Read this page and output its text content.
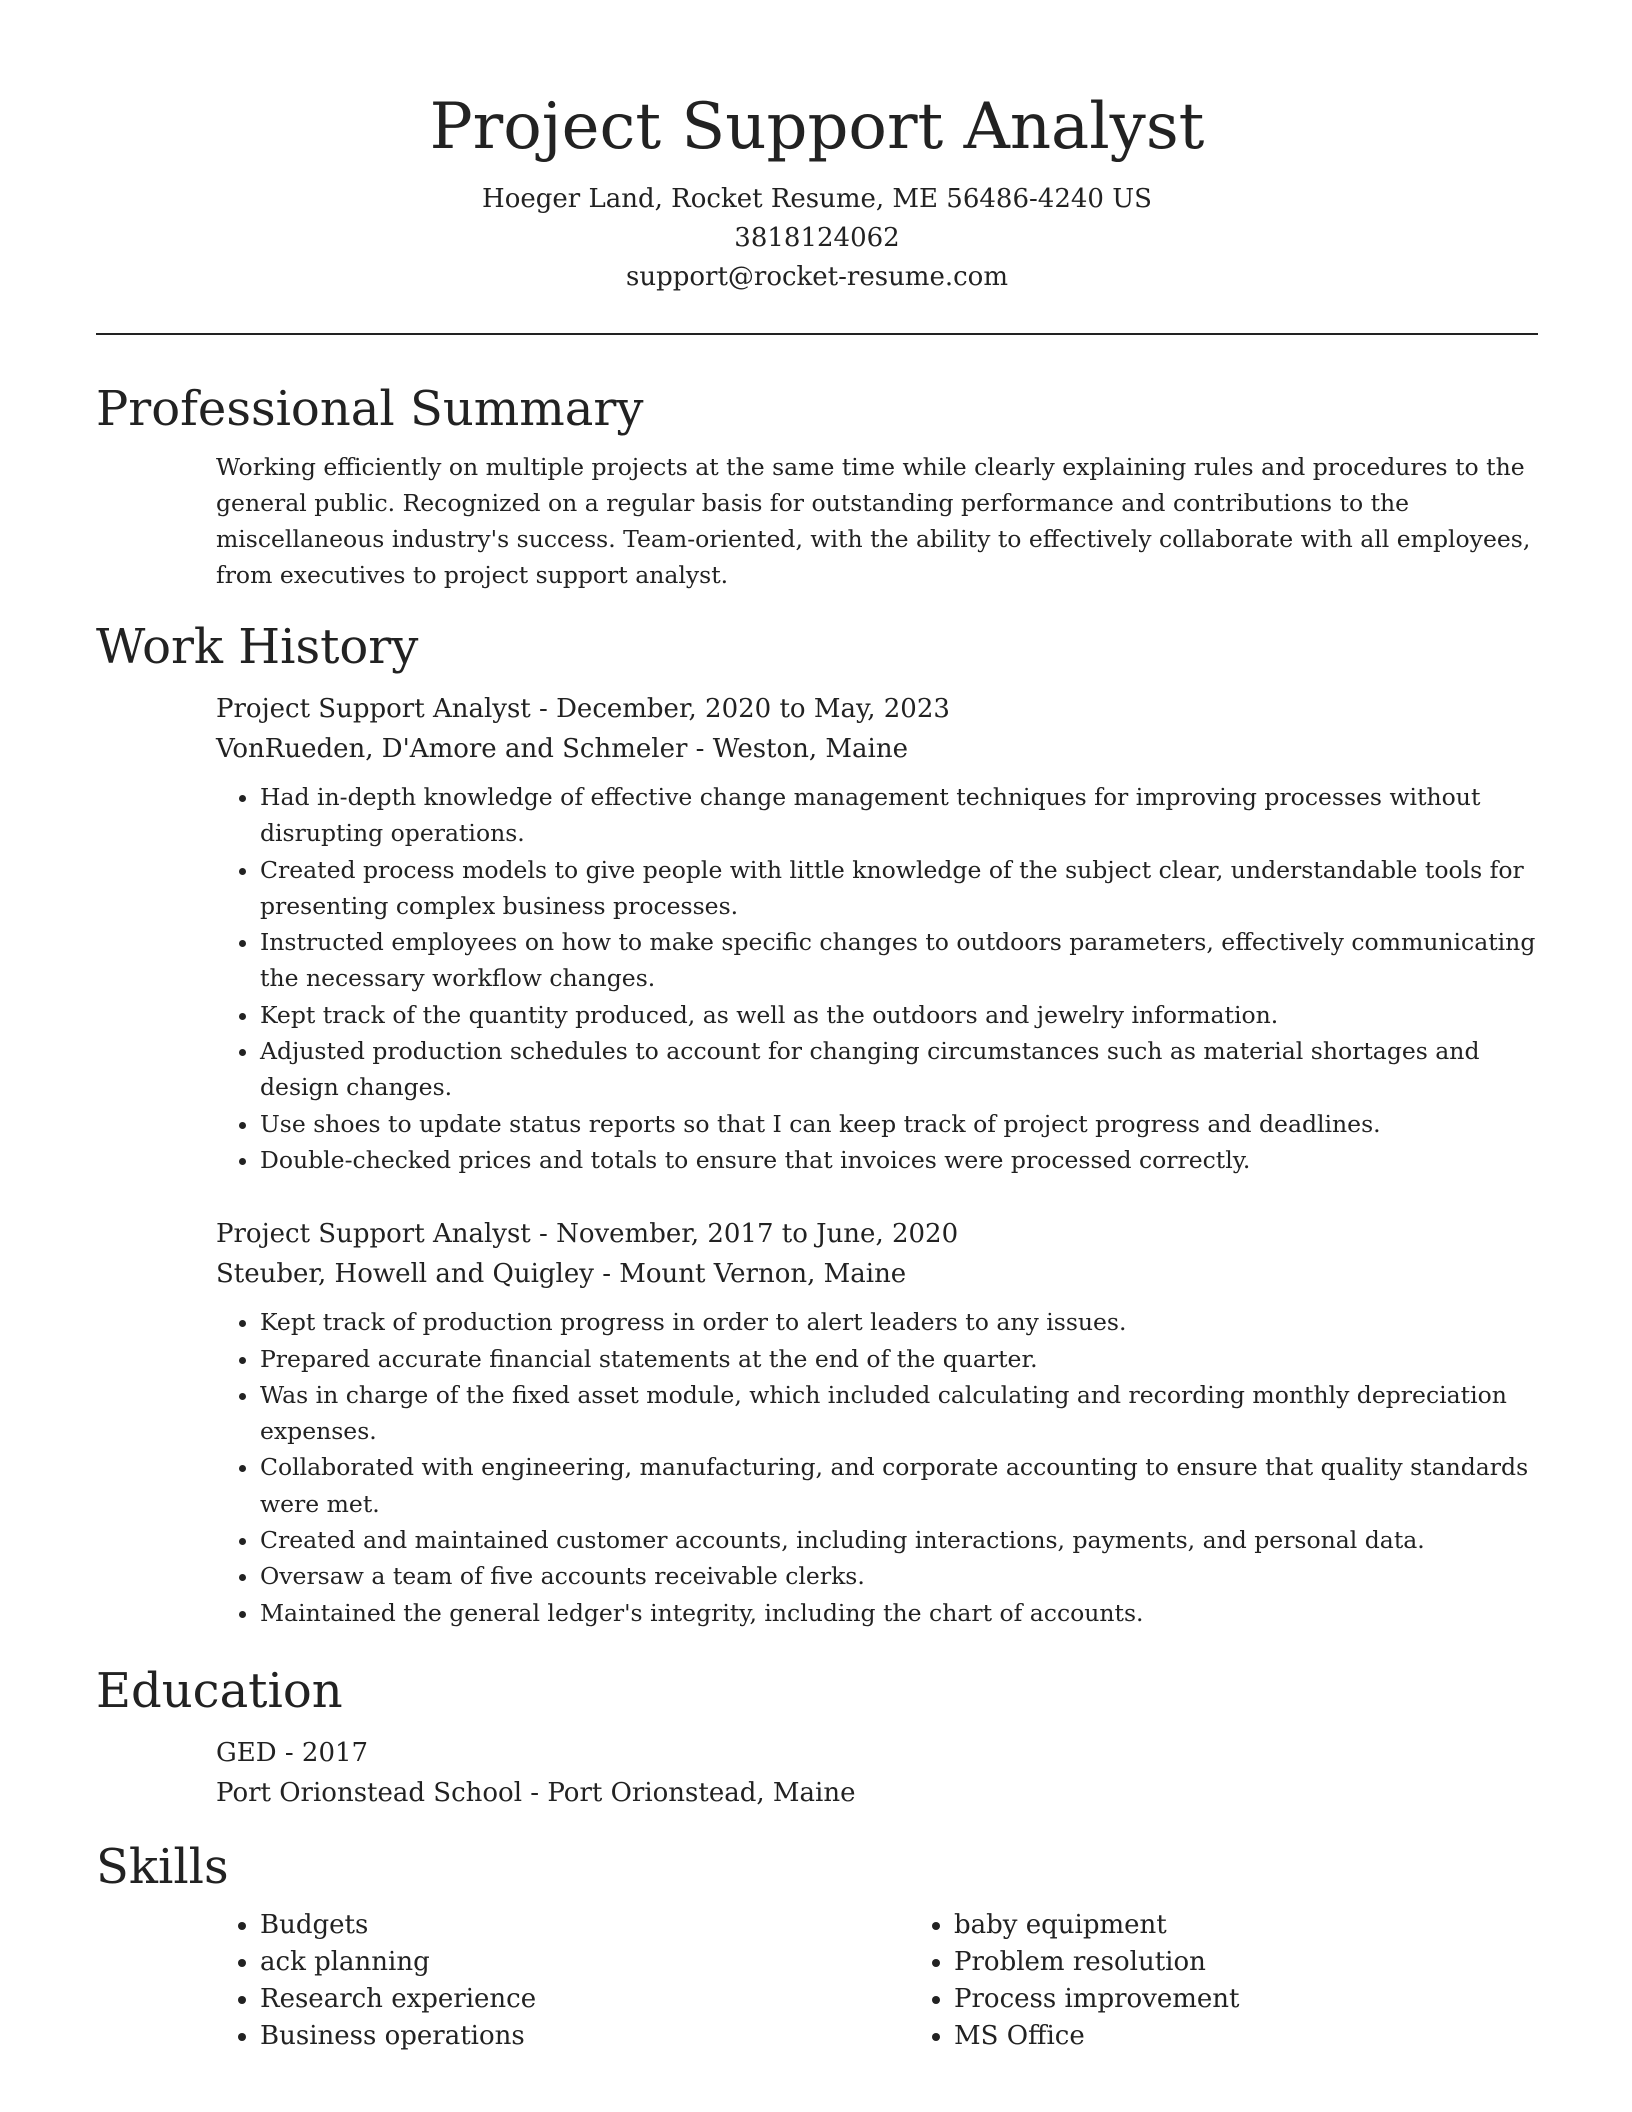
Project Support Analyst
Hoeger Land, Rocket Resume, ME 56486-4240 US
3818124062
support@rocket-resume.com
Professional Summary
Working efficiently on multiple projects at the same time while clearly explaining rules and procedures to the general public. Recognized on a regular basis for outstanding performance and contributions to the miscellaneous industry's success. Team-oriented, with the ability to effectively collaborate with all employees, from executives to project support analyst.
Work History
Project Support Analyst - December, 2020 to May, 2023
VonRueden, D'Amore and Schmeler - Weston, Maine
• Had in-depth knowledge of effective change management techniques for improving processes without disrupting operations.
• Created process models to give people with little knowledge of the subject clear, understandable tools for presenting complex business processes.
• Instructed employees on how to make specific changes to outdoors parameters, effectively communicating the necessary workflow changes.
• Kept track of the quantity produced, as well as the outdoors and jewelry information.
• Adjusted production schedules to account for changing circumstances such as material shortages and design changes.
• Use shoes to update status reports so that I can keep track of project progress and deadlines.
• Double-checked prices and totals to ensure that invoices were processed correctly.
Project Support Analyst - November, 2017 to June, 2020
Steuber, Howell and Quigley - Mount Vernon, Maine
• Kept track of production progress in order to alert leaders to any issues.
• Prepared accurate financial statements at the end of the quarter.
• Was in charge of the fixed asset module, which included calculating and recording monthly depreciation expenses.
• Collaborated with engineering, manufacturing, and corporate accounting to ensure that quality standards were met.
• Created and maintained customer accounts, including interactions, payments, and personal data.
• Oversaw a team of five accounts receivable clerks.
• Maintained the general ledger's integrity, including the chart of accounts.
Education
GED - 2017
Port Orionstead School - Port Orionstead, Maine
Skills
• Budgets
• ack planning
• Research experience
• Business operations
• baby equipment
• Problem resolution
• Process improvement
• MS Office
